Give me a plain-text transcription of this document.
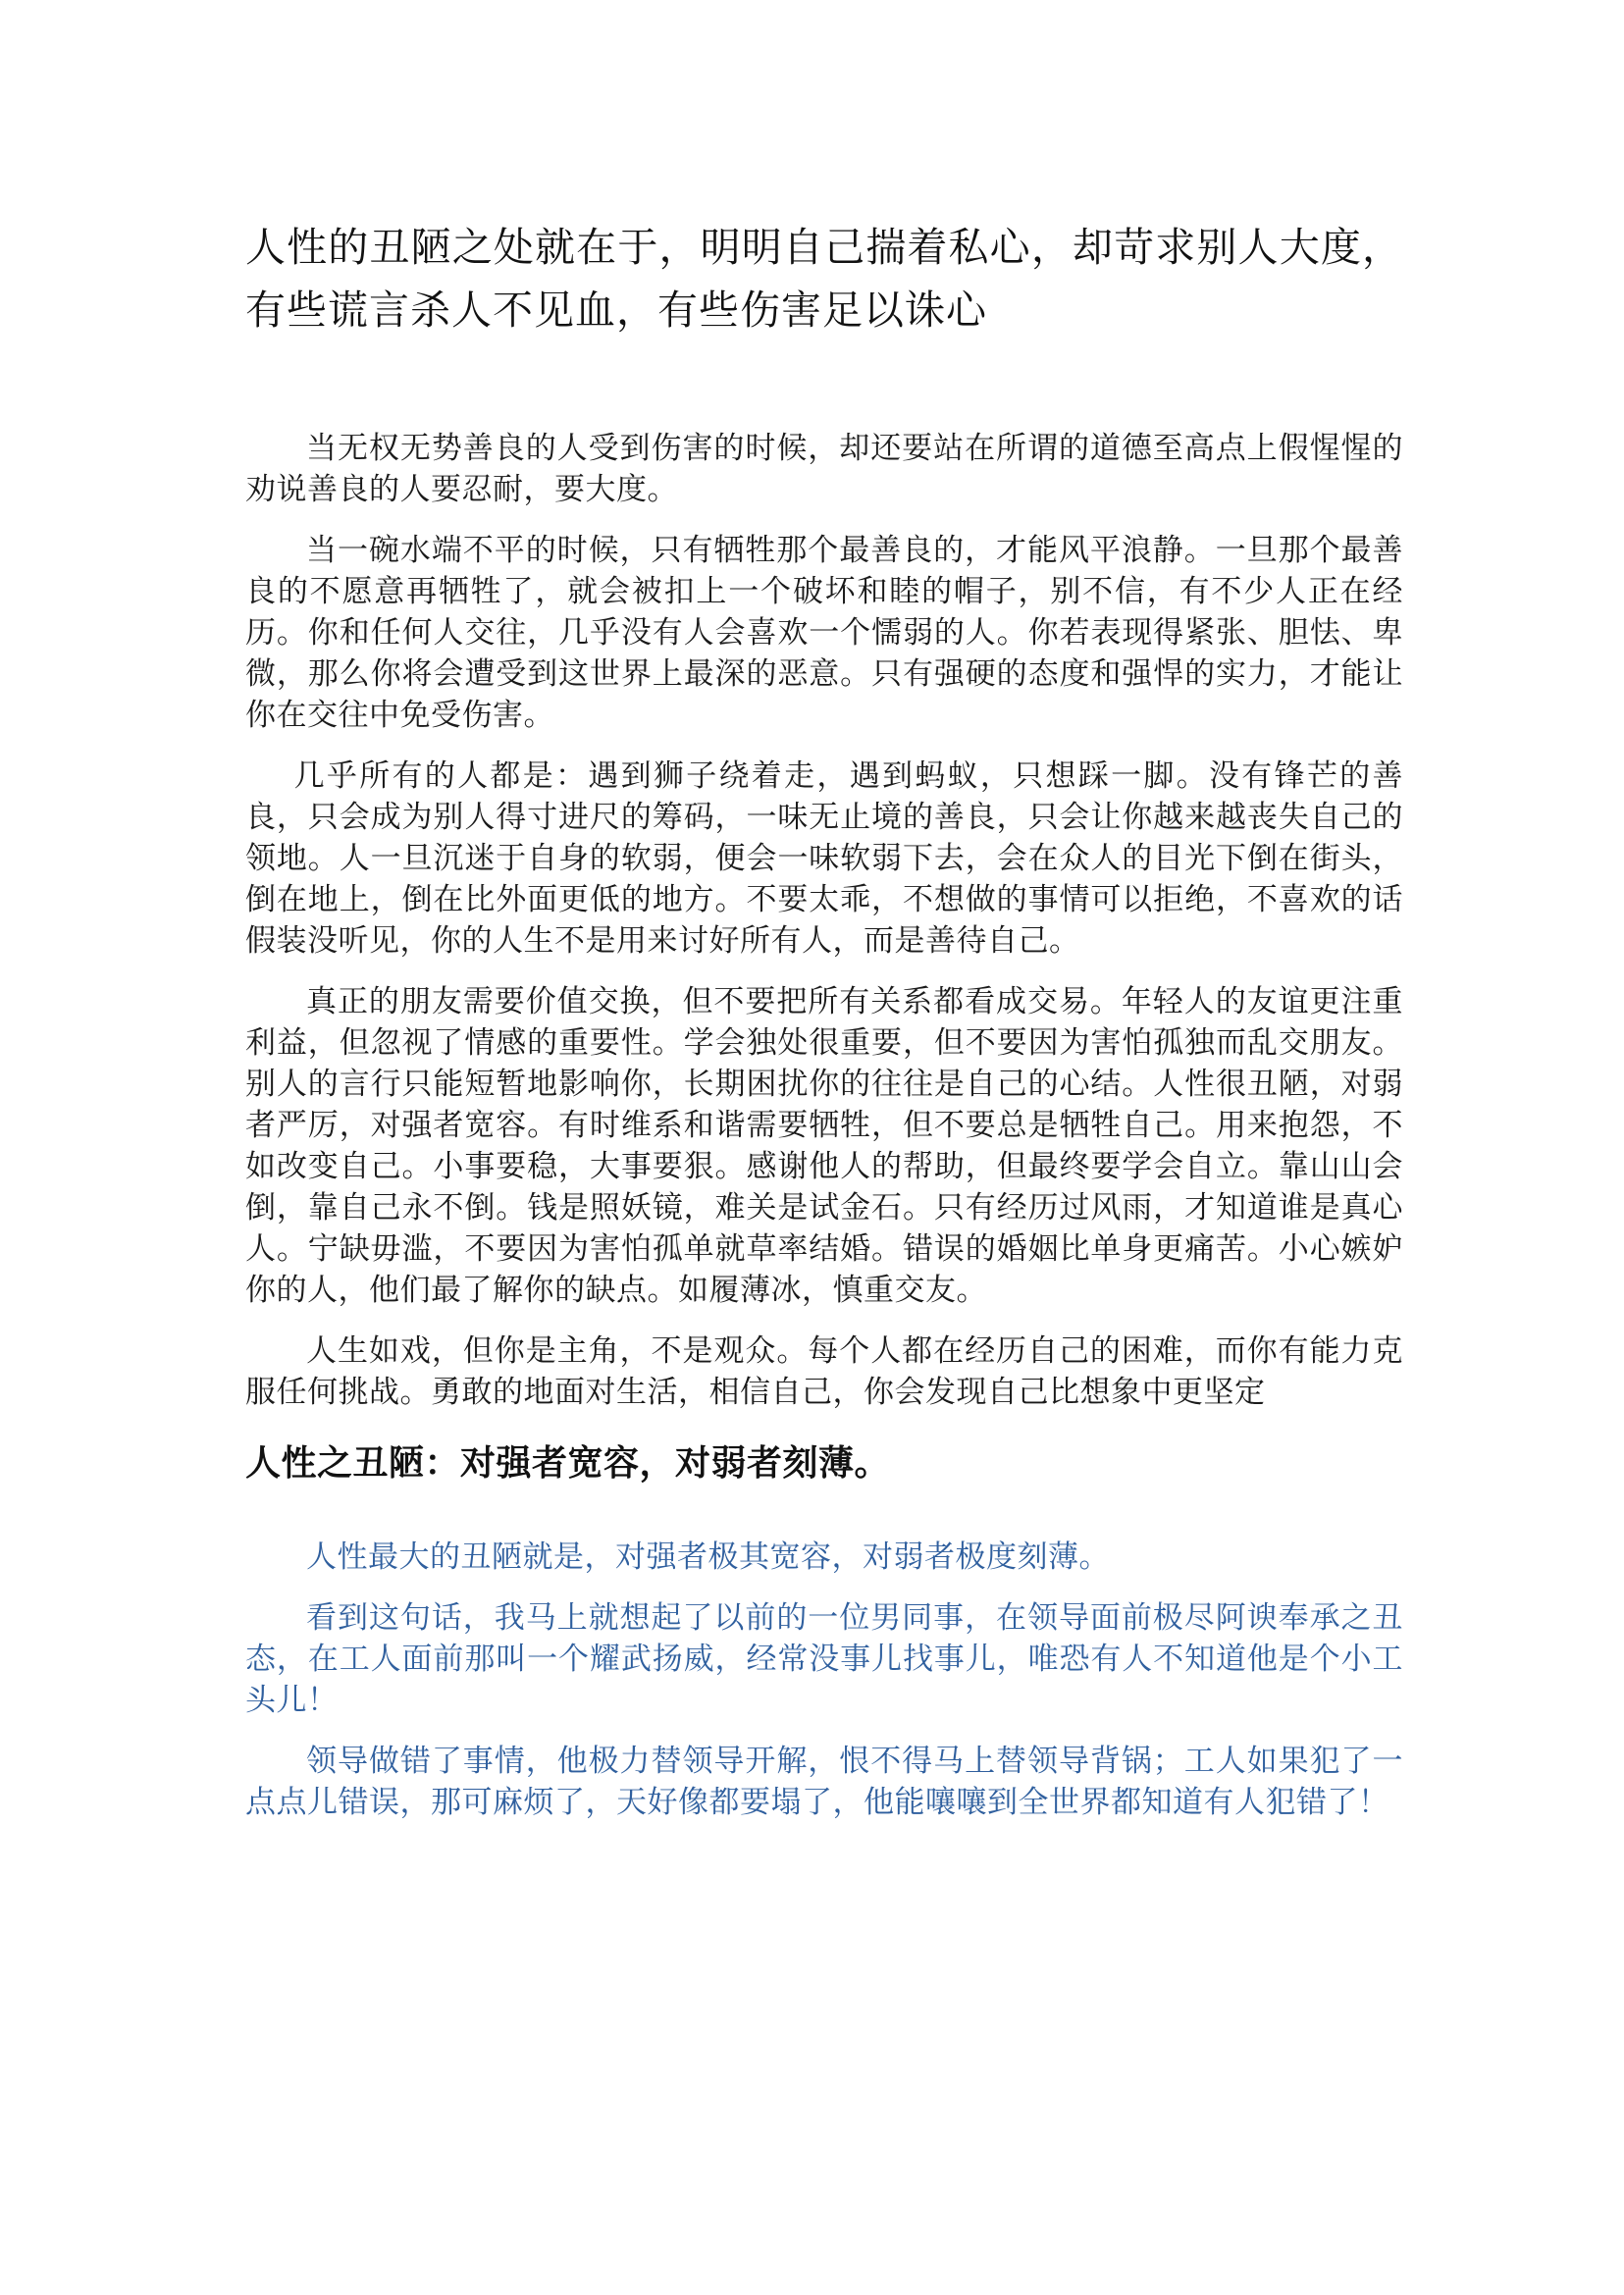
人性的丑陋之处就在于，明明自己揣着私心，却苛求别人大度，有些谎言杀人不见血，有些伤害足以诛心

当无权无势善良的人受到伤害的时候，却还要站在所谓的道德至高点上假惺惺的劝说善良的人要忍耐，要大度。

当一碗水端不平的时候，只有牺牲那个最善良的，才能风平浪静。一旦那个最善良的不愿意再牺牲了，就会被扣上一个破坏和睦的帽子，别不信，有不少人正在经历。你和任何人交往，几乎没有人会喜欢一个懦弱的人。你若表现得紧张、胆怯、卑微，那么你将会遭受到这世界上最深的恶意。只有强硬的态度和强悍的实力，才能让你在交往中免受伤害。

几乎所有的人都是：遇到狮子绕着走，遇到蚂蚁，只想踩一脚。没有锋芒的善良，只会成为别人得寸进尺的筹码，一味无止境的善良，只会让你越来越丧失自己的领地。人一旦沉迷于自身的软弱，便会一味软弱下去，会在众人的目光下倒在街头，倒在地上，倒在比外面更低的地方。不要太乖，不想做的事情可以拒绝，不喜欢的话假装没听见，你的人生不是用来讨好所有人，而是善待自己。

真正的朋友需要价值交换，但不要把所有关系都看成交易。年轻人的友谊更注重利益，但忽视了情感的重要性。学会独处很重要，但不要因为害怕孤独而乱交朋友。别人的言行只能短暂地影响你，长期困扰你的往往是自己的心结。人性很丑陋，对弱者严厉，对强者宽容。有时维系和谐需要牺牲，但不要总是牺牲自己。用来抱怨，不如改变自己。小事要稳，大事要狠。感谢他人的帮助，但最终要学会自立。靠山山会倒，靠自己永不倒。钱是照妖镜，难关是试金石。只有经历过风雨，才知道谁是真心人。宁缺毋滥，不要因为害怕孤单就草率结婚。错误的婚姻比单身更痛苦。小心嫉妒你的人，他们最了解你的缺点。如履薄冰，慎重交友。

人生如戏，但你是主角，不是观众。每个人都在经历自己的困难，而你有能力克服任何挑战。勇敢的地面对生活，相信自己，你会发现自己比想象中更坚定

人性之丑陋：对强者宽容，对弱者刻薄。

人性最大的丑陋就是，对强者极其宽容，对弱者极度刻薄。

看到这句话，我马上就想起了以前的一位男同事，在领导面前极尽阿谀奉承之丑态，在工人面前那叫一个耀武扬威，经常没事儿找事儿，唯恐有人不知道他是个小工头儿！

领导做错了事情，他极力替领导开解，恨不得马上替领导背锅；工人如果犯了一点点儿错误，那可麻烦了，天好像都要塌了，他能嚷嚷到全世界都知道有人犯错了！
